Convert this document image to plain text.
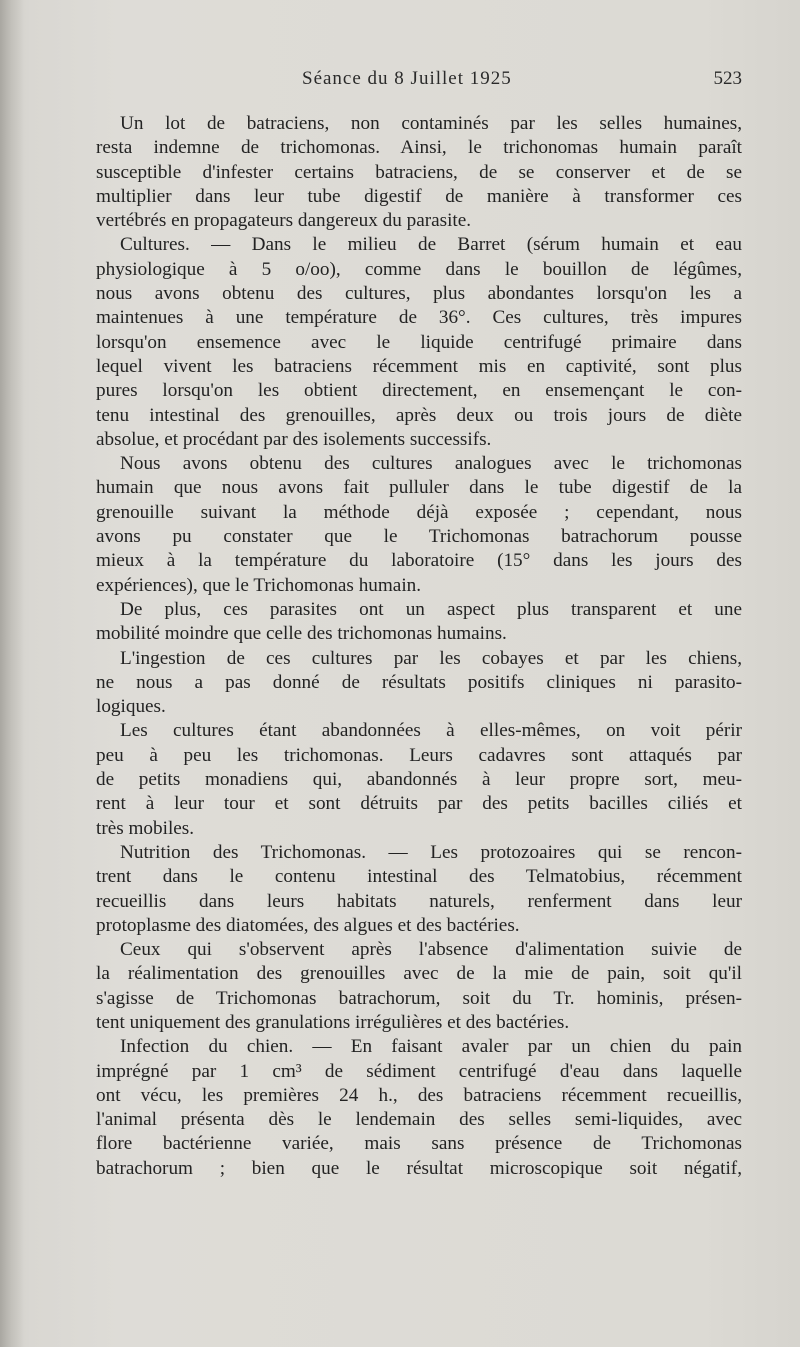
Séance du 8 Juillet 1925	523
Un lot de batraciens, non contaminés par les selles humaines,
resta indemne de trichomonas. Ainsi, le trichonomas humain paraît
susceptible d'infester certains batraciens, de se conserver et de se
multiplier dans leur tube digestif de manière à transformer ces
vertébrés en propagateurs dangereux du parasite.
Cultures. — Dans le milieu de Barret (sérum humain et eau
physiologique à 5 o/oo), comme dans le bouillon de légûmes,
nous avons obtenu des cultures, plus abondantes lorsqu'on les a
maintenues à une température de 36°. Ces cultures, très impures
lorsqu'on ensemence avec le liquide centrifugé primaire dans
lequel vivent les batraciens récemment mis en captivité, sont plus
pures lorsqu'on les obtient directement, en ensemençant le con-
tenu intestinal des grenouilles, après deux ou trois jours de diète
absolue, et procédant par des isolements successifs.
Nous avons obtenu des cultures analogues avec le trichomonas
humain que nous avons fait pulluler dans le tube digestif de la
grenouille suivant la méthode déjà exposée ; cependant, nous
avons pu constater que le Trichomonas batrachorum pousse
mieux à la température du laboratoire (15° dans les jours des
expériences), que le Trichomonas humain.
De plus, ces parasites ont un aspect plus transparent et une
mobilité moindre que celle des trichomonas humains.
L'ingestion de ces cultures par les cobayes et par les chiens,
ne nous a pas donné de résultats positifs cliniques ni parasito-
logiques.
Les cultures étant abandonnées à elles-mêmes, on voit périr
peu à peu les trichomonas. Leurs cadavres sont attaqués par
de petits monadiens qui, abandonnés à leur propre sort, meu-
rent à leur tour et sont détruits par des petits bacilles ciliés et
très mobiles.
Nutrition des Trichomonas. — Les protozoaires qui se rencon-
trent dans le contenu intestinal des Telmatobius, récemment
recueillis dans leurs habitats naturels, renferment dans leur
protoplasme des diatomées, des algues et des bactéries.
Ceux qui s'observent après l'absence d'alimentation suivie de
la réalimentation des grenouilles avec de la mie de pain, soit qu'il
s'agisse de Trichomonas batrachorum, soit du Tr. hominis, présen-
tent uniquement des granulations irrégulières et des bactéries.
Infection du chien. — En faisant avaler par un chien du pain
imprégné par 1 cm³ de sédiment centrifugé d'eau dans laquelle
ont vécu, les premières 24 h., des batraciens récemment recueillis,
l'animal présenta dès le lendemain des selles semi-liquides, avec
flore bactérienne variée, mais sans présence de Trichomonas
batrachorum ; bien que le résultat microscopique soit négatif,
